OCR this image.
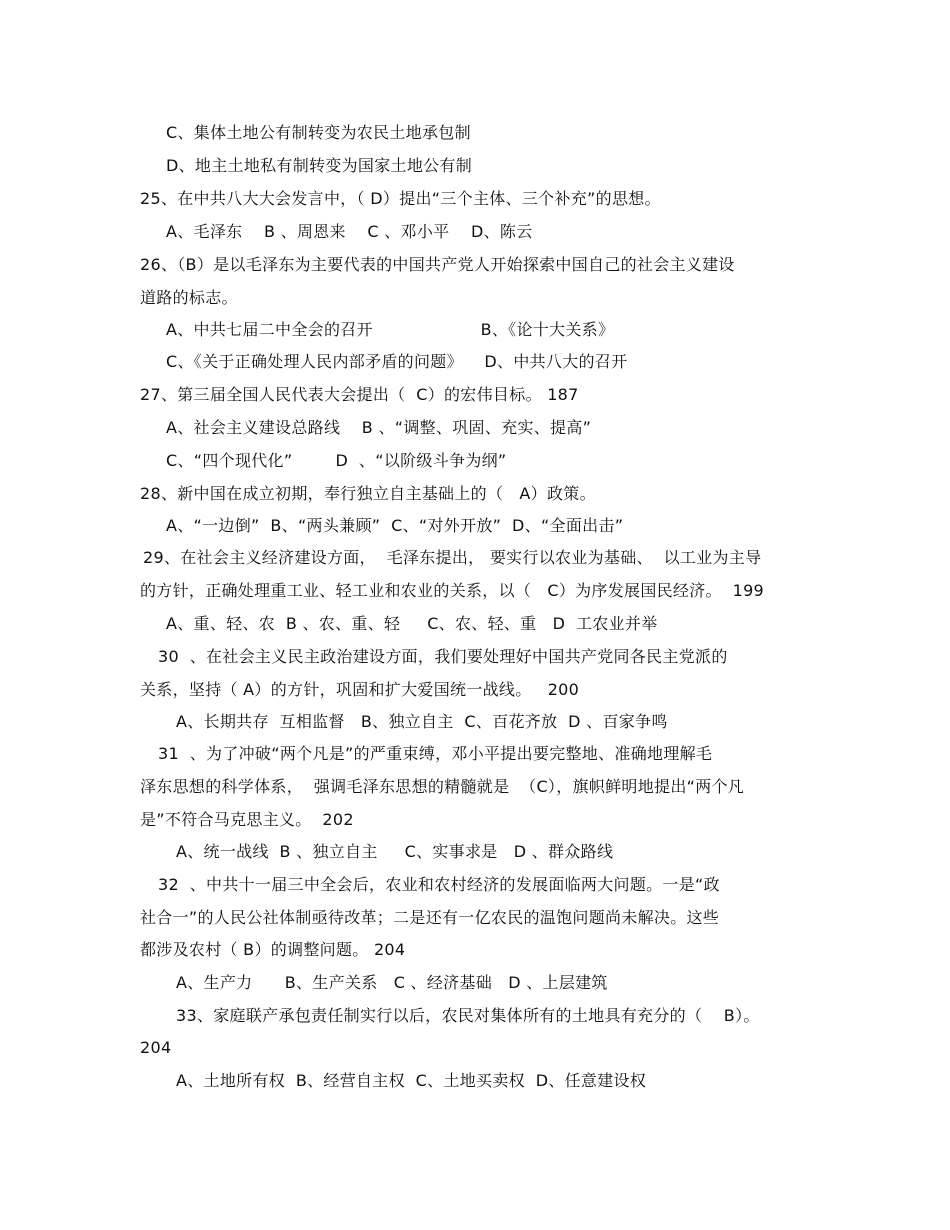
C、集体土地公有制转变为农民土地承包制
D、地主土地私有制转变为国家土地公有制
25、在中共八大大会发言中，（ D）提出“三个主体、三个补充”的思想。
A、毛泽东    B 、周恩来    C 、邓小平    D、陈云
26、（B）是以毛泽东为主要代表的中国共产党人开始探索中国自己的社会主义建设
道路的标志。
A、中共七届二中全会的召开                    B、《论十大关系》
C、《关于正确处理人民内部矛盾的问题》    D、中共八大的召开
27、第三届全国人民代表大会提出（  C）的宏伟目标。 187
A、社会主义建设总路线    B 、“调整、巩固、充实、提高”
C、“四个现代化”        D  、“以阶级斗争为纲”
28、新中国在成立初期，奉行独立自主基础上的（   A）政策。
A、“一边倒”  B、“两头兼顾”  C、“对外开放”  D、“全面出击”
29、在社会主义经济建设方面，  毛泽东提出， 要实行以农业为基础、  以工业为主导
的方针，正确处理重工业、轻工业和农业的关系，以（   C）为序发展国民经济。  199
A、重、轻、农  B 、农、重、轻     C、农、轻、重   D  工农业并举
30  、在社会主义民主政治建设方面，我们要处理好中国共产党同各民主党派的
关系，坚持（ A）的方针，巩固和扩大爱国统一战线。   200
A、长期共存  互相监督   B、独立自主  C、百花齐放  D 、百家争鸣
31  、为了冲破“两个凡是”的严重束缚，邓小平提出要完整地、准确地理解毛
泽东思想的科学体系，  强调毛泽东思想的精髓就是  （C），旗帜鲜明地提出“两个凡
是”不符合马克思主义。  202
A、统一战线  B 、独立自主     C、实事求是   D 、群众路线
32  、中共十一届三中全会后，农业和农村经济的发展面临两大问题。一是“政
社合一”的人民公社体制亟待改革；二是还有一亿农民的温饱问题尚未解决。这些
都涉及农村（ B）的调整问题。 204
A、生产力      B、生产关系   C 、经济基础   D 、上层建筑
33、家庭联产承包责任制实行以后，农民对集体所有的土地具有充分的（    B）。
204
A、土地所有权  B、经营自主权  C、土地买卖权  D、任意建设权
